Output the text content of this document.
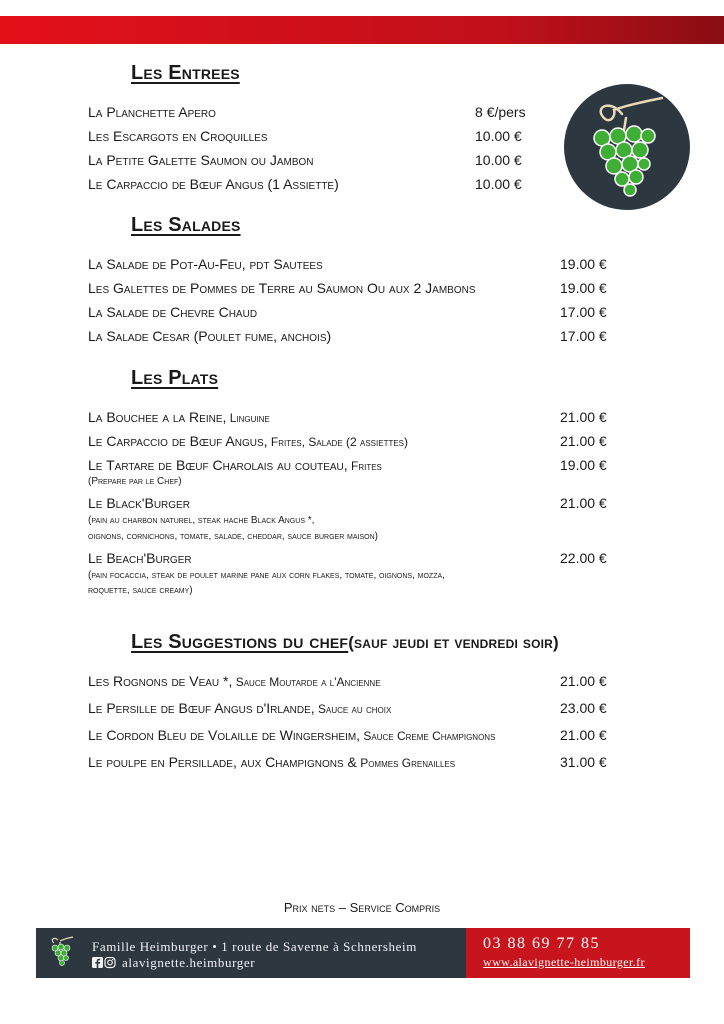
Les Entrees
La Planchette Apero	8 €/pers
Les Escargots en Croquilles	10.00 €
La Petite Galette Saumon ou Jambon	10.00 €
Le Carpaccio de Bœuf Angus (1 Assiette)	10.00 €
Les Salades
La Salade de Pot-Au-Feu, pdt Sautees	19.00 €
Les Galettes de Pommes de Terre au Saumon Ou aux 2 Jambons	19.00 €
La Salade de Chevre Chaud	17.00 €
La Salade Cesar (Poulet fume, anchois)	17.00 €
Les Plats
La Bouchee a la Reine, Linguine	21.00 €
Le Carpaccio de Bœuf Angus, Frites, Salade (2 assiettes)	21.00 €
Le Tartare de Bœuf Charolais au couteau, Frites	19.00 €
(Prepare par le Chef)
Le Black'Burger	21.00 €
(pain au charbon naturel, steak hache Black Angus *,
oignons, cornichons, tomate, salade, cheddar, sauce burger maison)
Le Beach'Burger	22.00 €
(pain focaccia, steak de poulet marine pane aux corn flakes, tomate, oignons, mozza,
roquette, sauce creamy)
Les Suggestions du chef(sauf jeudi et vendredi soir)
Les Rognons de Veau *, Sauce Moutarde a l'Ancienne	21.00 €
Le Persille de Bœuf Angus d'Irlande, Sauce au choix	23.00 €
Le Cordon Bleu de Volaille de Wingersheim, Sauce Creme Champignons	21.00 €
Le poulpe en Persillade, aux Champignons & Pommes Grenailles	31.00 €
Prix nets – Service Compris
Famille Heimburger • 1 route de Saverne à Schnersheim
alavignette.heimburger
03 88 69 77 85
www.alavignette-heimburger.fr
